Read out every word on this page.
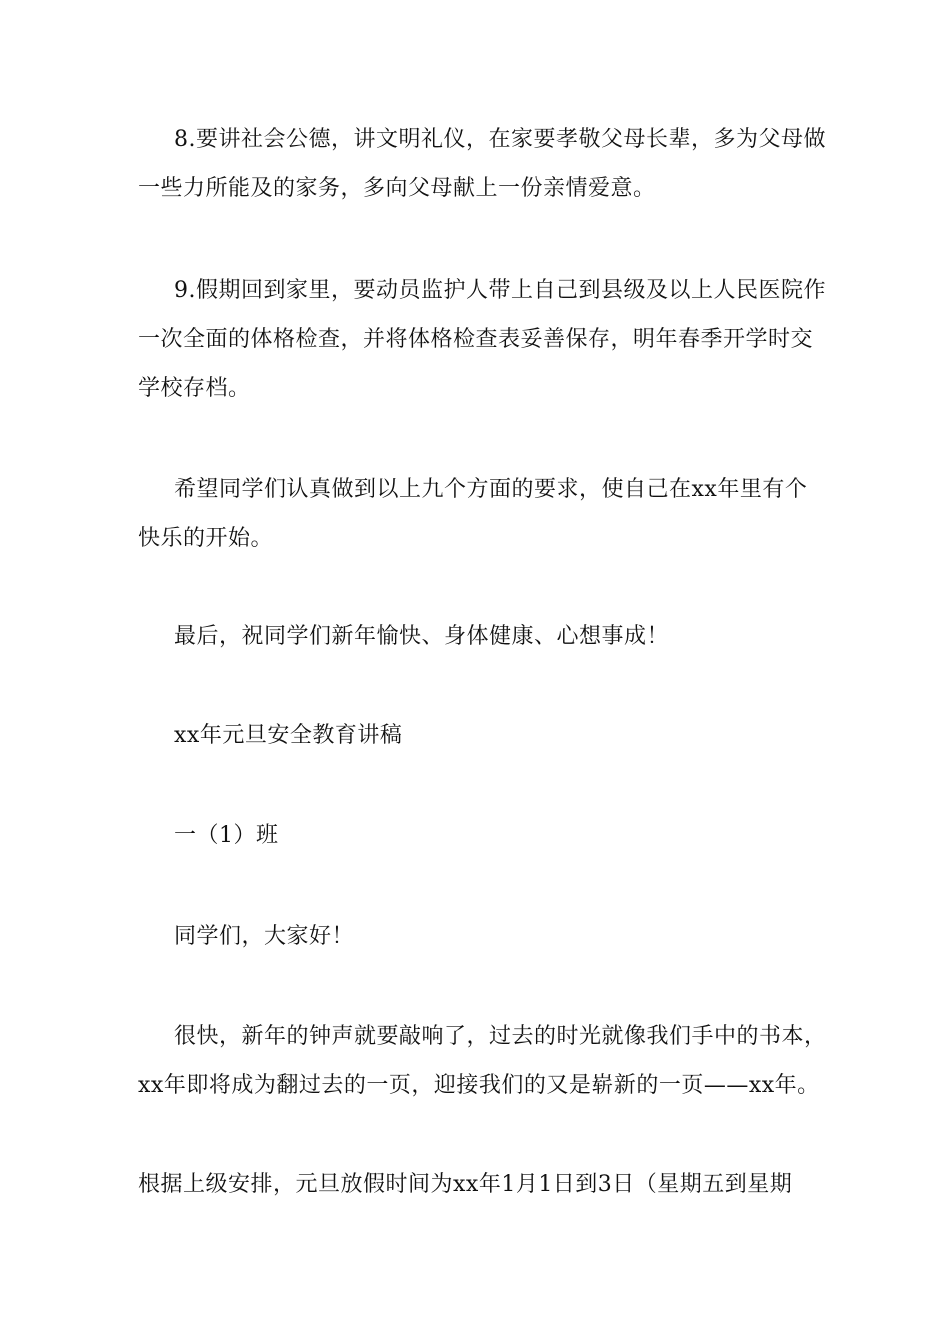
8.要讲社会公德，讲文明礼仪，在家要孝敬父母长辈，多为父母做
一些力所能及的家务，多向父母献上一份亲情爱意。
9.假期回到家里，要动员监护人带上自己到县级及以上人民医院作
一次全面的体格检查，并将体格检查表妥善保存，明年春季开学时交
学校存档。
希望同学们认真做到以上九个方面的要求，使自己在xx年里有个
快乐的开始。
最后，祝同学们新年愉快、身体健康、心想事成！
xx年元旦安全教育讲稿
一（1）班
同学们，大家好！
很快，新年的钟声就要敲响了，过去的时光就像我们手中的书本，
xx年即将成为翻过去的一页，迎接我们的又是崭新的一页——xx年。
根据上级安排，元旦放假时间为xx年1月1日到3日（星期五到星期
